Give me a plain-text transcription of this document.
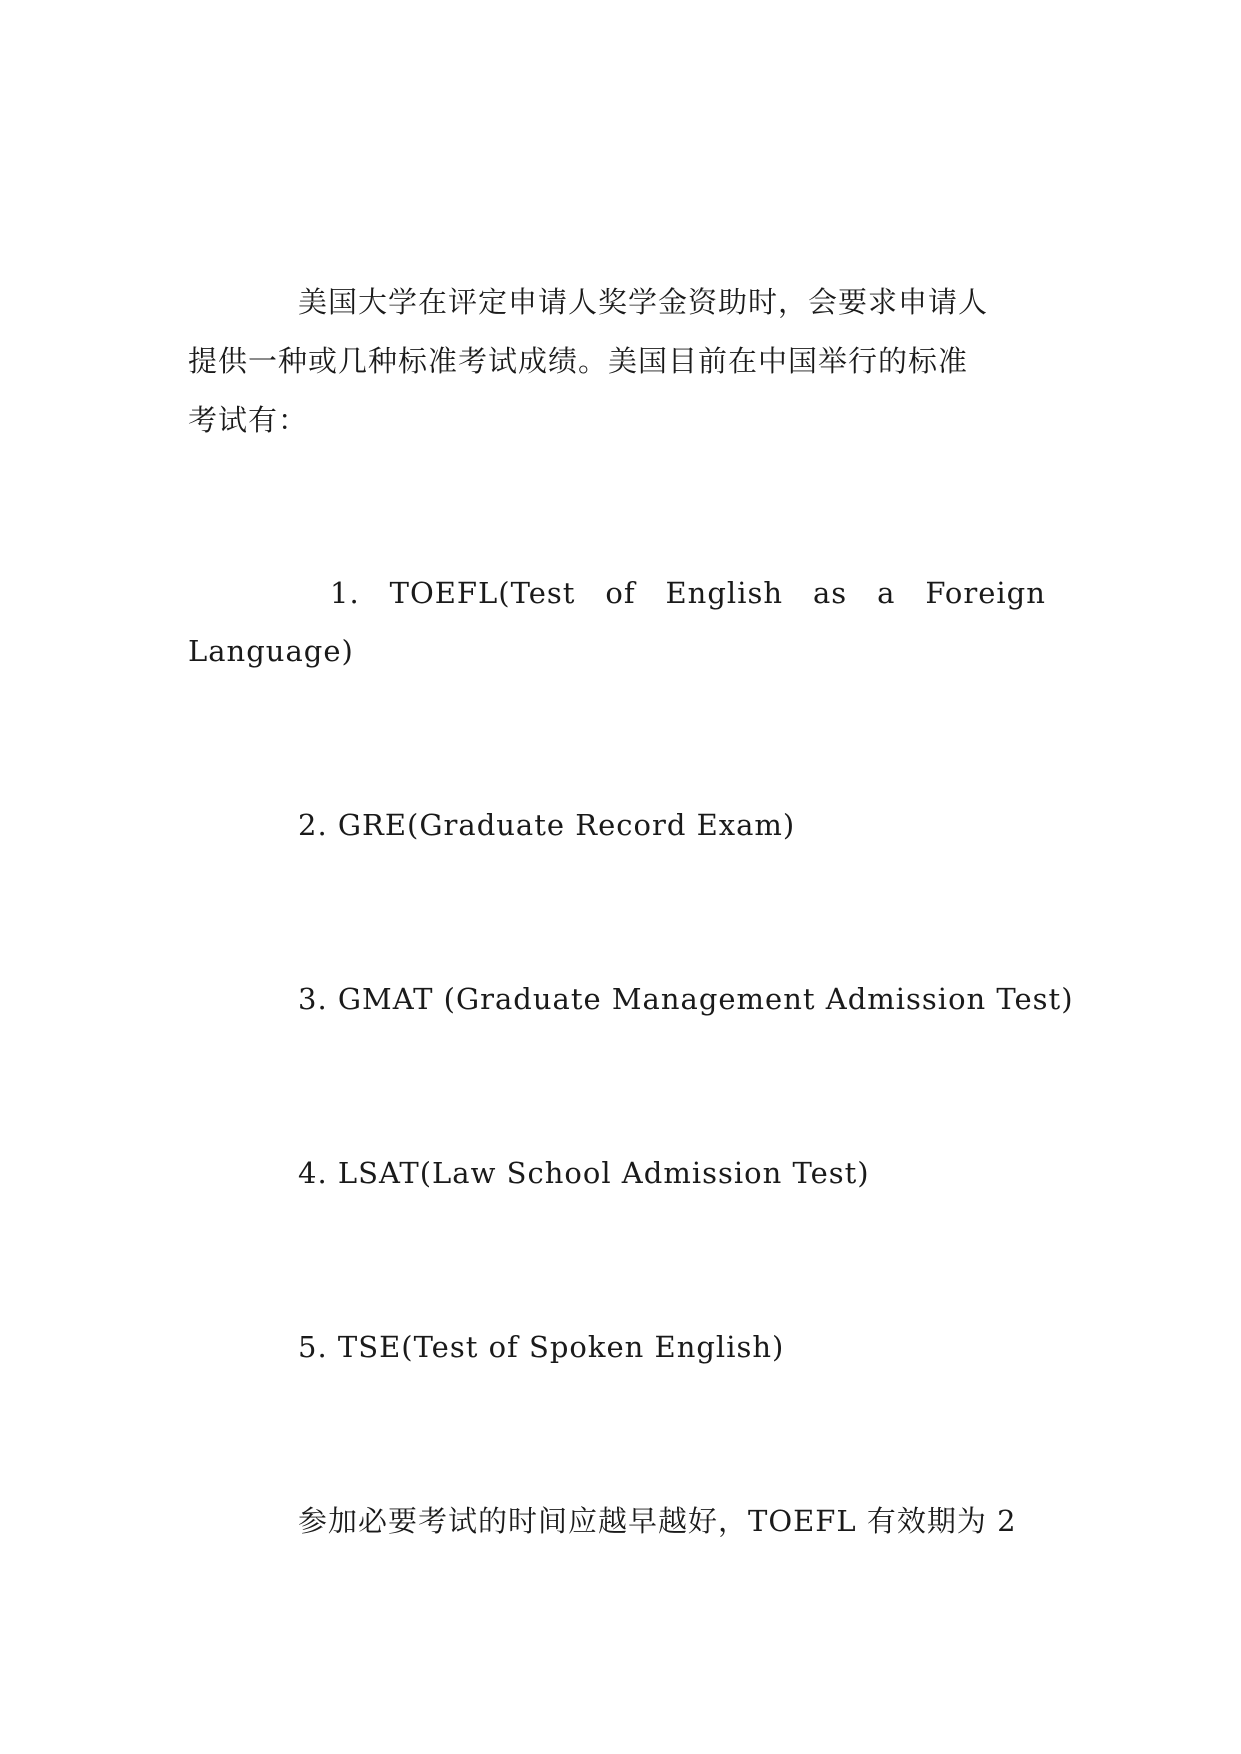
美国大学在评定申请人奖学金资助时，会要求申请人
提供一种或几种标准考试成绩。美国目前在中国举行的标准
考试有：
1. TOEFL(Test of English as a Foreign
Language)
2. GRE(Graduate Record Exam)
3. GMAT (Graduate Management Admission Test)
4. LSAT(Law School Admission Test)
5. TSE(Test of Spoken English)
参加必要考试的时间应越早越好，TOEFL 有效期为 2
